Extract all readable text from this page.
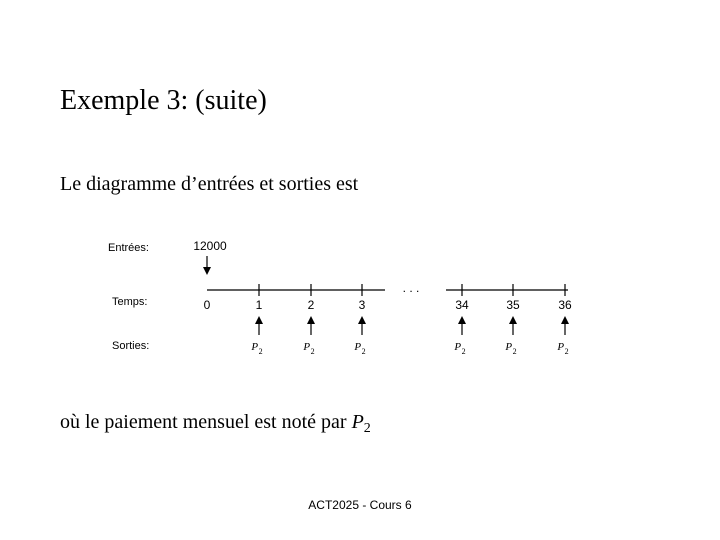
Exemple 3: (suite)
Le diagramme d’entrées et sorties est
Entrées:
Temps:
Sorties:
12000
. . .
0	1	2	3	34	35	36
$P_2$	$P_2$	$P_2$	$P_2$	$P_2$	$P_2$
où le paiement mensuel est noté par $P_2$
ACT2025 - Cours 6
